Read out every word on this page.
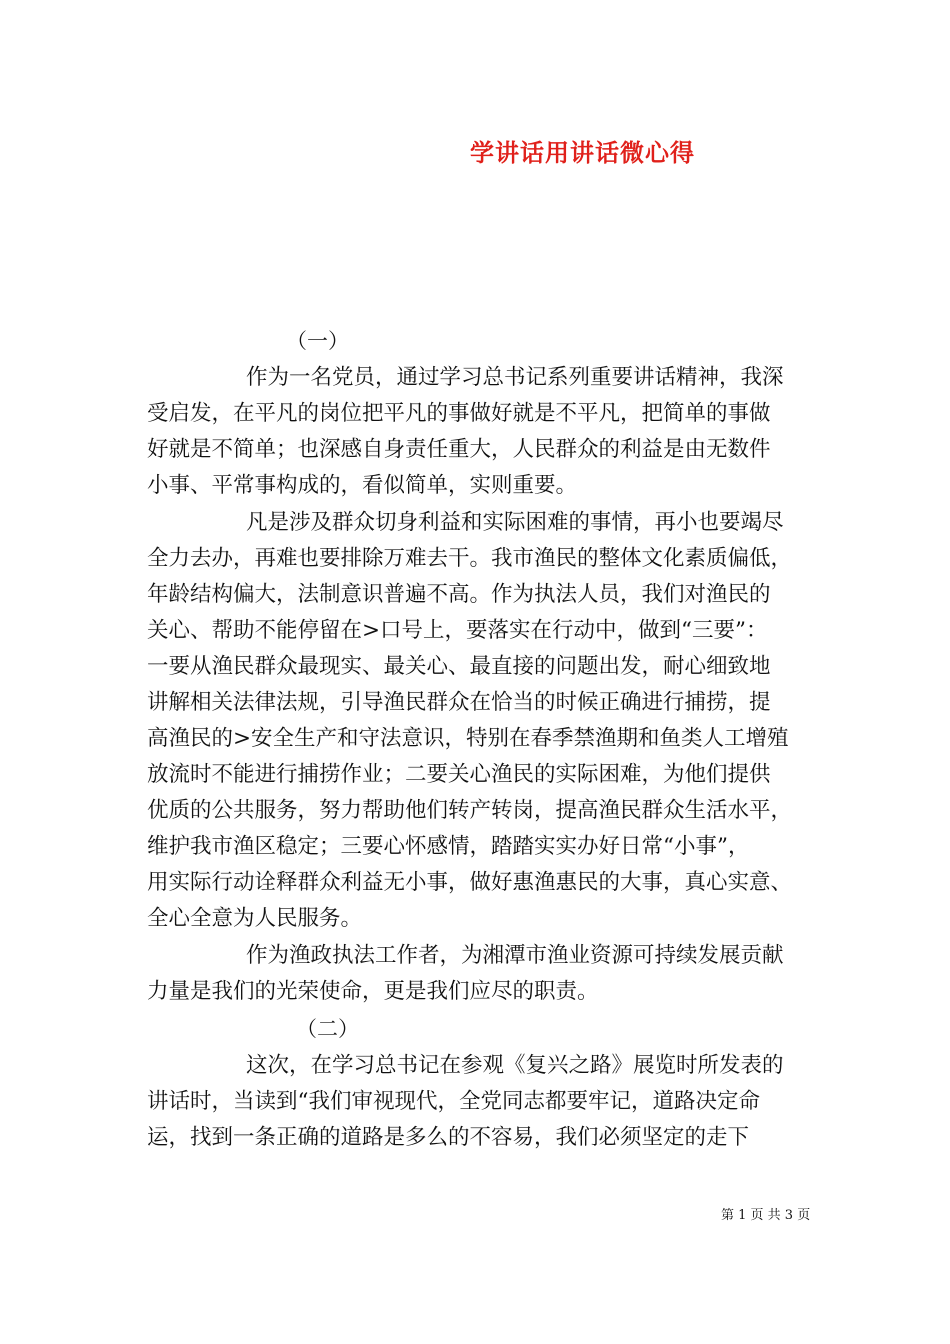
学讲话用讲话微心得
（一）
作为一名党员，通过学习总书记系列重要讲话精神，我深
受启发，在平凡的岗位把平凡的事做好就是不平凡，把简单的事做
好就是不简单；也深感自身责任重大，人民群众的利益是由无数件
小事、平常事构成的，看似简单，实则重要。
凡是涉及群众切身利益和实际困难的事情，再小也要竭尽
全力去办，再难也要排除万难去干。我市渔民的整体文化素质偏低，
年龄结构偏大，法制意识普遍不高。作为执法人员，我们对渔民的
关心、帮助不能停留在>口号上，要落实在行动中，做到“三要”：
一要从渔民群众最现实、最关心、最直接的问题出发，耐心细致地
讲解相关法律法规，引导渔民群众在恰当的时候正确进行捕捞，提
高渔民的>安全生产和守法意识，特别在春季禁渔期和鱼类人工增殖
放流时不能进行捕捞作业；二要关心渔民的实际困难，为他们提供
优质的公共服务，努力帮助他们转产转岗，提高渔民群众生活水平，
维护我市渔区稳定；三要心怀感情，踏踏实实办好日常“小事”，
用实际行动诠释群众利益无小事，做好惠渔惠民的大事，真心实意、
全心全意为人民服务。
作为渔政执法工作者，为湘潭市渔业资源可持续发展贡献
力量是我们的光荣使命，更是我们应尽的职责。
（二）
这次，在学习总书记在参观《复兴之路》展览时所发表的
讲话时，当读到“我们审视现代，全党同志都要牢记，道路决定命
运，找到一条正确的道路是多么的不容易，我们必须坚定的走下
第 1 页 共 3 页
